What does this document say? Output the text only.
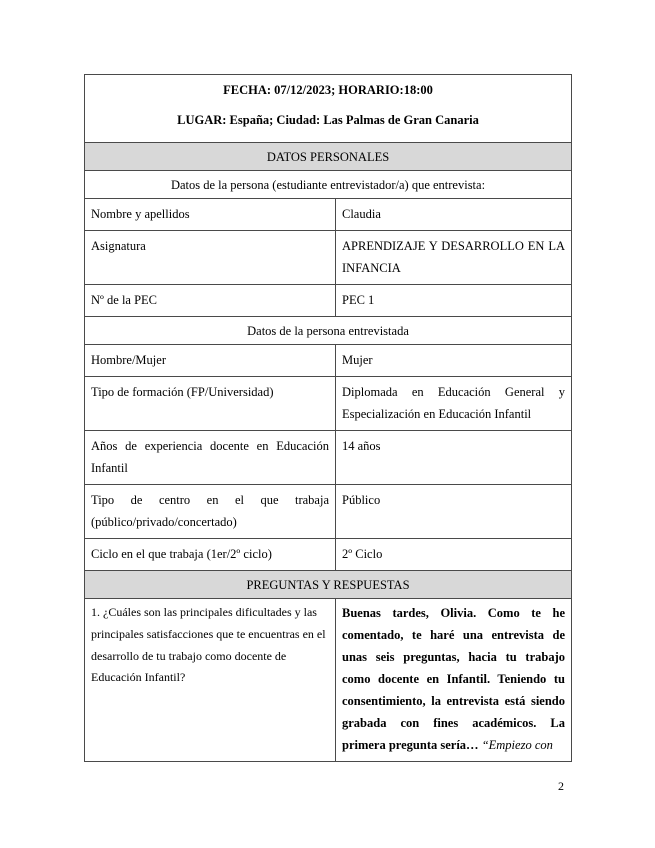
FECHA: 07/12/2023; HORARIO:18:00

LUGAR: España; Ciudad: Las Palmas de Gran Canaria	

DATOS PERSONALES	
Datos de la persona (estudiante entrevistador/a) que entrevista:	
Nombre y apellidos	Claudia
Asignatura	APRENDIZAJE Y DESARROLLO EN LA INFANCIA
Nº de la PEC	PEC 1
Datos de la persona entrevistada	
Hombre/Mujer	Mujer
Tipo de formación (FP/Universidad)	Diplomada en Educación General y Especialización en Educación Infantil
Años de experiencia docente en Educación Infantil	14 años
Tipo de centro en el que trabaja (público/privado/concertado)	Público
Ciclo en el que trabaja (1er/2º ciclo)	2º Ciclo
PREGUNTAS Y RESPUESTAS	
1. ¿Cuáles son las principales dificultades y las principales satisfacciones que te encuentras en el desarrollo de tu trabajo como docente de Educación Infantil?	Buenas tardes, Olivia. Como te he comentado, te haré una entrevista de unas seis preguntas, hacia tu trabajo como docente en Infantil. Teniendo tu consentimiento, la entrevista está siendo grabada con fines académicos. La primera pregunta sería… “Empiezo con
2
